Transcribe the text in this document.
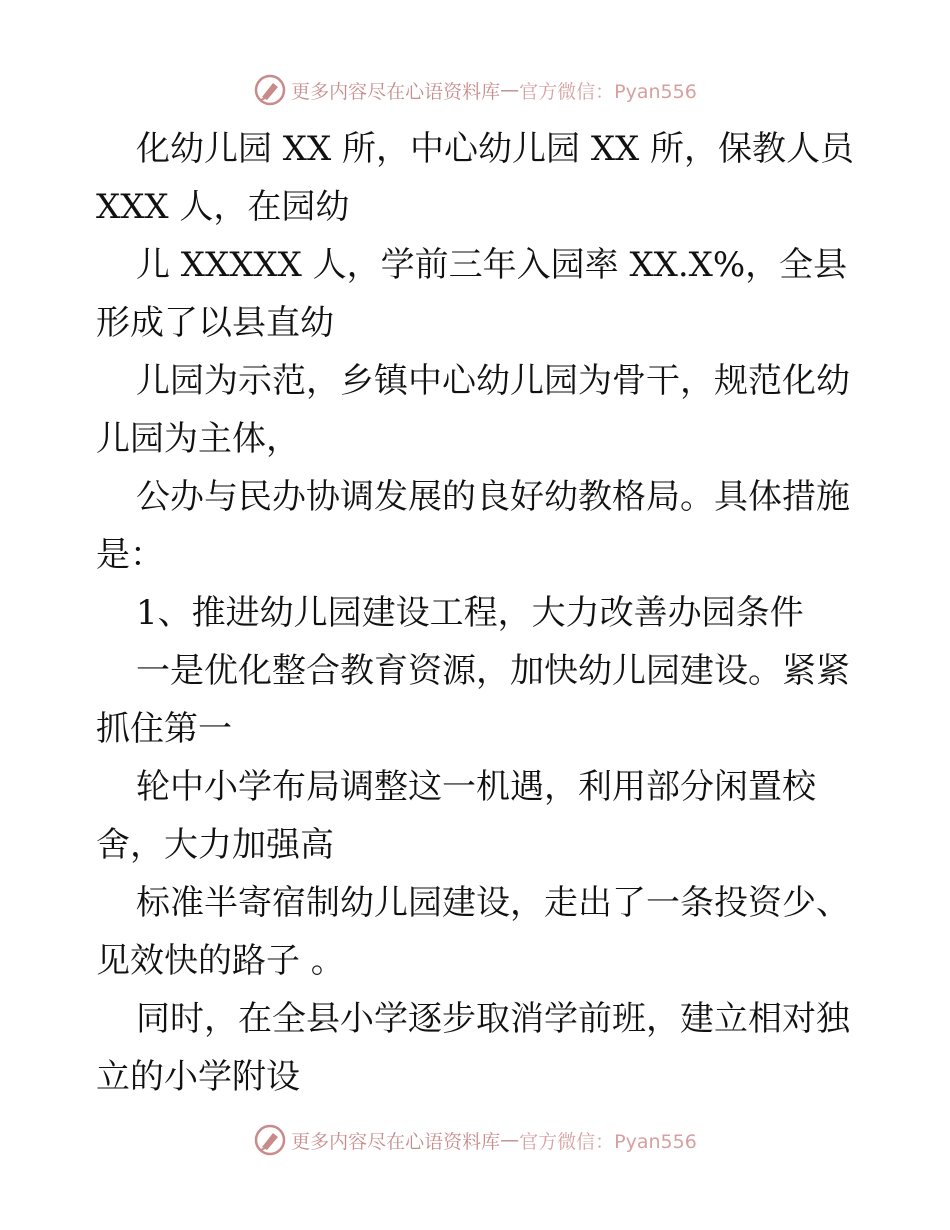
更多内容尽在心语资料库 — 官方微信：Pyan556

化幼儿园 XX 所，中心幼儿园 XX 所，保教人员 XXX 人，在园幼

儿 XXXXX 人，学前三年入园率 XX.X%，全县形成了以县直幼

儿园为示范，乡镇中心幼儿园为骨干，规范化幼儿园为主体，

公办与民办协调发展的良好幼教格局。具体措施是：

1、推进幼儿园建设工程，大力改善办园条件

一是优化整合教育资源，加快幼儿园建设。紧紧抓住第一

轮中小学布局调整这一机遇，利用部分闲置校舍，大力加强高

标准半寄宿制幼儿园建设，走出了一条投资少、见效快的路子 。

同时，在全县小学逐步取消学前班，建立相对独立的小学附设

更多内容尽在心语资料库 — 官方微信：Pyan556
